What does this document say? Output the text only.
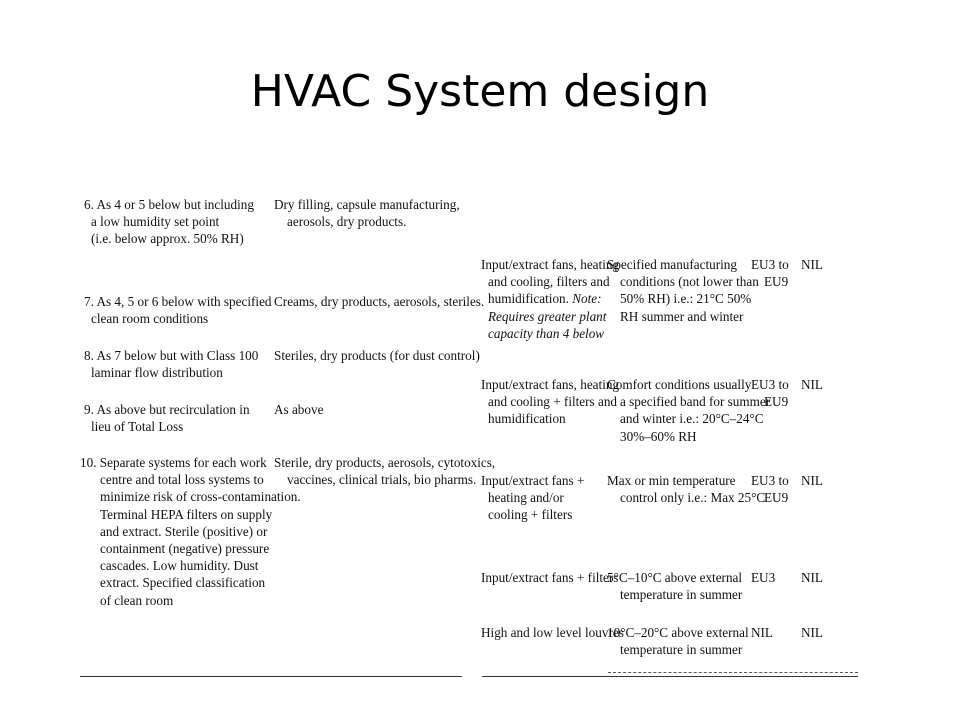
HVAC System design
6. As 4 or 5 below but including
a low humidity set point
(i.e. below approx. 50% RH)
Dry filling, capsule manufacturing,
aerosols, dry products.
7. As 4, 5 or 6 below with specified
clean room conditions
Creams, dry products, aerosols, steriles.
8. As 7 below but with Class 100
laminar flow distribution
Steriles, dry products (for dust control)
9. As above but recirculation in
lieu of Total Loss
As above
10. Separate systems for each work
centre and total loss systems to
minimize risk of cross-contamination.
Terminal HEPA filters on supply
and extract. Sterile (positive) or
containment (negative) pressure
cascades. Low humidity. Dust
extract. Specified classification
of clean room
Sterile, dry products, aerosols, cytotoxics,
vaccines, clinical trials, bio pharms.
Input/extract fans, heating
and cooling, filters and
humidification. Note:
Requires greater plant
capacity than 4 below
Specified manufacturing
conditions (not lower than
50% RH) i.e.: 21°C 50%
RH summer and winter
EU3 to
EU9
NIL
Input/extract fans, heating
and cooling + filters and
humidification
Comfort conditions usually
a specified band for summer
and winter i.e.: 20°C–24°C
30%–60% RH
EU3 to
EU9
NIL
Input/extract fans +
heating and/or
cooling + filters
Max or min temperature
control only i.e.: Max 25°C
EU3 to
EU9
NIL
Input/extract fans + filters
5°C–10°C above external
temperature in summer
EU3 NIL
High and low level louvres
10°C–20°C above external
temperature in summer
NIL NIL
